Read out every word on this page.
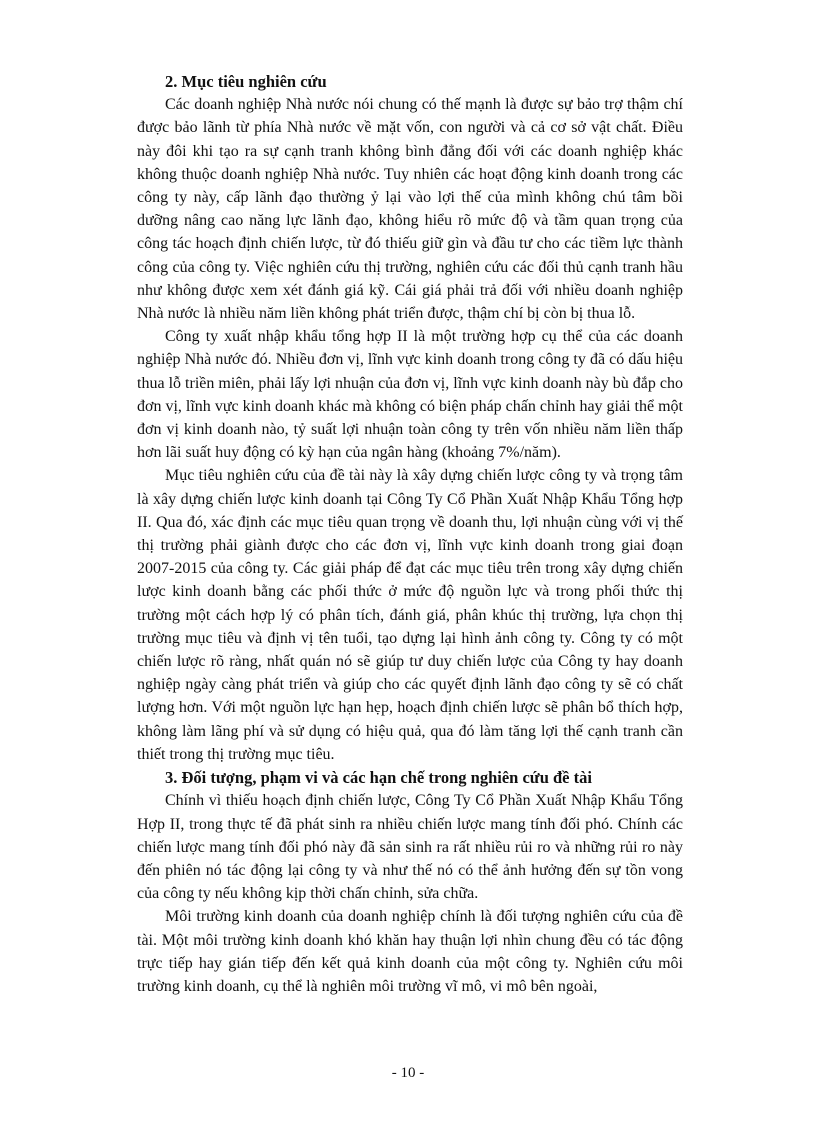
2. Mục tiêu nghiên cứu

Các doanh nghiệp Nhà nước nói chung có thế mạnh là được sự bảo trợ thậm chí được bảo lãnh từ phía Nhà nước về mặt vốn, con người và cả cơ sở vật chất. Điều này đôi khi tạo ra sự cạnh tranh không bình đẳng đối với các doanh nghiệp khác không thuộc doanh nghiệp Nhà nước. Tuy nhiên các hoạt động kinh doanh trong các công ty này, cấp lãnh đạo thường ỷ lại vào lợi thế của mình không chú tâm bồi dưỡng nâng cao năng lực lãnh đạo, không hiểu rõ mức độ và tầm quan trọng của công tác hoạch định chiến lược, từ đó thiếu giữ gìn và đầu tư cho các tiềm lực thành công của công ty. Việc nghiên cứu thị trường, nghiên cứu các đối thủ cạnh tranh hầu như không được xem xét đánh giá kỹ. Cái giá phải trả đối với nhiều doanh nghiệp Nhà nước là nhiều năm liền không phát triển được, thậm chí bị còn bị thua lỗ.

Công ty xuất nhập khẩu tổng hợp II là một trường hợp cụ thể của các doanh nghiệp Nhà nước đó. Nhiều đơn vị, lĩnh vực kinh doanh trong công ty đã có dấu hiệu thua lỗ triền miên, phải lấy lợi nhuận của đơn vị, lĩnh vực kinh doanh này bù đắp cho đơn vị, lĩnh vực kinh doanh khác mà không có biện pháp chấn chỉnh hay giải thể một đơn vị kinh doanh nào, tỷ suất lợi nhuận toàn công ty trên vốn nhiều năm liền thấp hơn lãi suất huy động có kỳ hạn của ngân hàng (khoảng 7%/năm).

Mục tiêu nghiên cứu của đề tài này là xây dựng chiến lược công ty và trọng tâm là xây dựng chiến lược kinh doanh tại Công Ty Cổ Phần Xuất Nhập Khẩu Tổng hợp II. Qua đó, xác định các mục tiêu quan trọng về doanh thu, lợi nhuận cùng với vị thế thị trường phải giành được cho các đơn vị, lĩnh vực kinh doanh trong giai đoạn 2007-2015 của công ty. Các giải pháp để đạt các mục tiêu trên trong xây dựng chiến lược kinh doanh bằng các phối thức ở mức độ nguồn lực và trong phối thức thị trường một cách hợp lý có phân tích, đánh giá, phân khúc thị trường, lựa chọn thị trường mục tiêu và định vị tên tuổi, tạo dựng lại hình ảnh công ty. Công ty có một chiến lược rõ ràng, nhất quán nó sẽ giúp tư duy chiến lược của Công ty hay doanh nghiệp ngày càng phát triển và giúp cho các quyết định lãnh đạo công ty sẽ có chất lượng hơn. Với một nguồn lực hạn hẹp, hoạch định chiến lược sẽ phân bổ thích hợp, không làm lãng phí và sử dụng có hiệu quả, qua đó làm tăng lợi thế cạnh tranh cần thiết trong thị trường mục tiêu.

3. Đối tượng, phạm vi và các hạn chế trong nghiên cứu đề tài

Chính vì thiếu hoạch định chiến lược, Công Ty Cổ Phần Xuất Nhập Khẩu Tổng Hợp II, trong thực tế đã phát sinh ra nhiều chiến lược mang tính đối phó. Chính các chiến lược mang tính đối phó này đã sản sinh ra rất nhiều rủi ro và những rủi ro này đến phiên nó tác động lại công ty và như thế nó có thể ảnh hưởng đến sự tồn vong của công ty nếu không kịp thời chấn chỉnh, sửa chữa.

Môi trường kinh doanh của doanh nghiệp chính là đối tượng nghiên cứu của đề tài. Một môi trường kinh doanh khó khăn hay thuận lợi nhìn chung đều có tác động trực tiếp hay gián tiếp đến kết quả kinh doanh của một công ty. Nghiên cứu môi trường kinh doanh, cụ thể là nghiên môi trường vĩ mô, vi mô bên ngoài,

- 10 -
